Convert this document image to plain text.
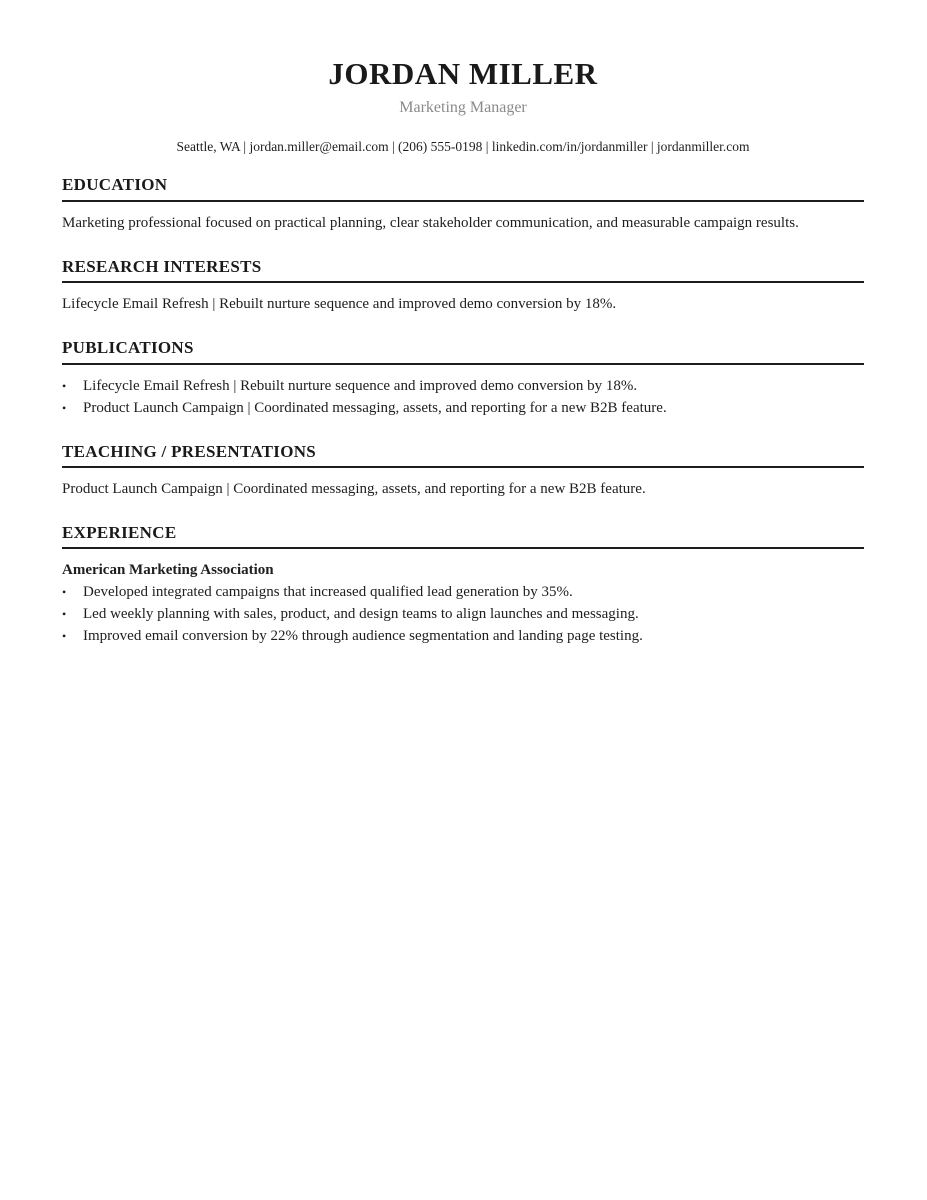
JORDAN MILLER
Marketing Manager
Seattle, WA | jordan.miller@email.com | (206) 555-0198 | linkedin.com/in/jordanmiller | jordanmiller.com
EDUCATION
Marketing professional focused on practical planning, clear stakeholder communication, and measurable campaign results.
RESEARCH INTERESTS
Lifecycle Email Refresh | Rebuilt nurture sequence and improved demo conversion by 18%.
PUBLICATIONS
•	Lifecycle Email Refresh | Rebuilt nurture sequence and improved demo conversion by 18%.
•	Product Launch Campaign | Coordinated messaging, assets, and reporting for a new B2B feature.
TEACHING / PRESENTATIONS
Product Launch Campaign | Coordinated messaging, assets, and reporting for a new B2B feature.
EXPERIENCE
American Marketing Association
•	Developed integrated campaigns that increased qualified lead generation by 35%.
•	Led weekly planning with sales, product, and design teams to align launches and messaging.
•	Improved email conversion by 22% through audience segmentation and landing page testing.
